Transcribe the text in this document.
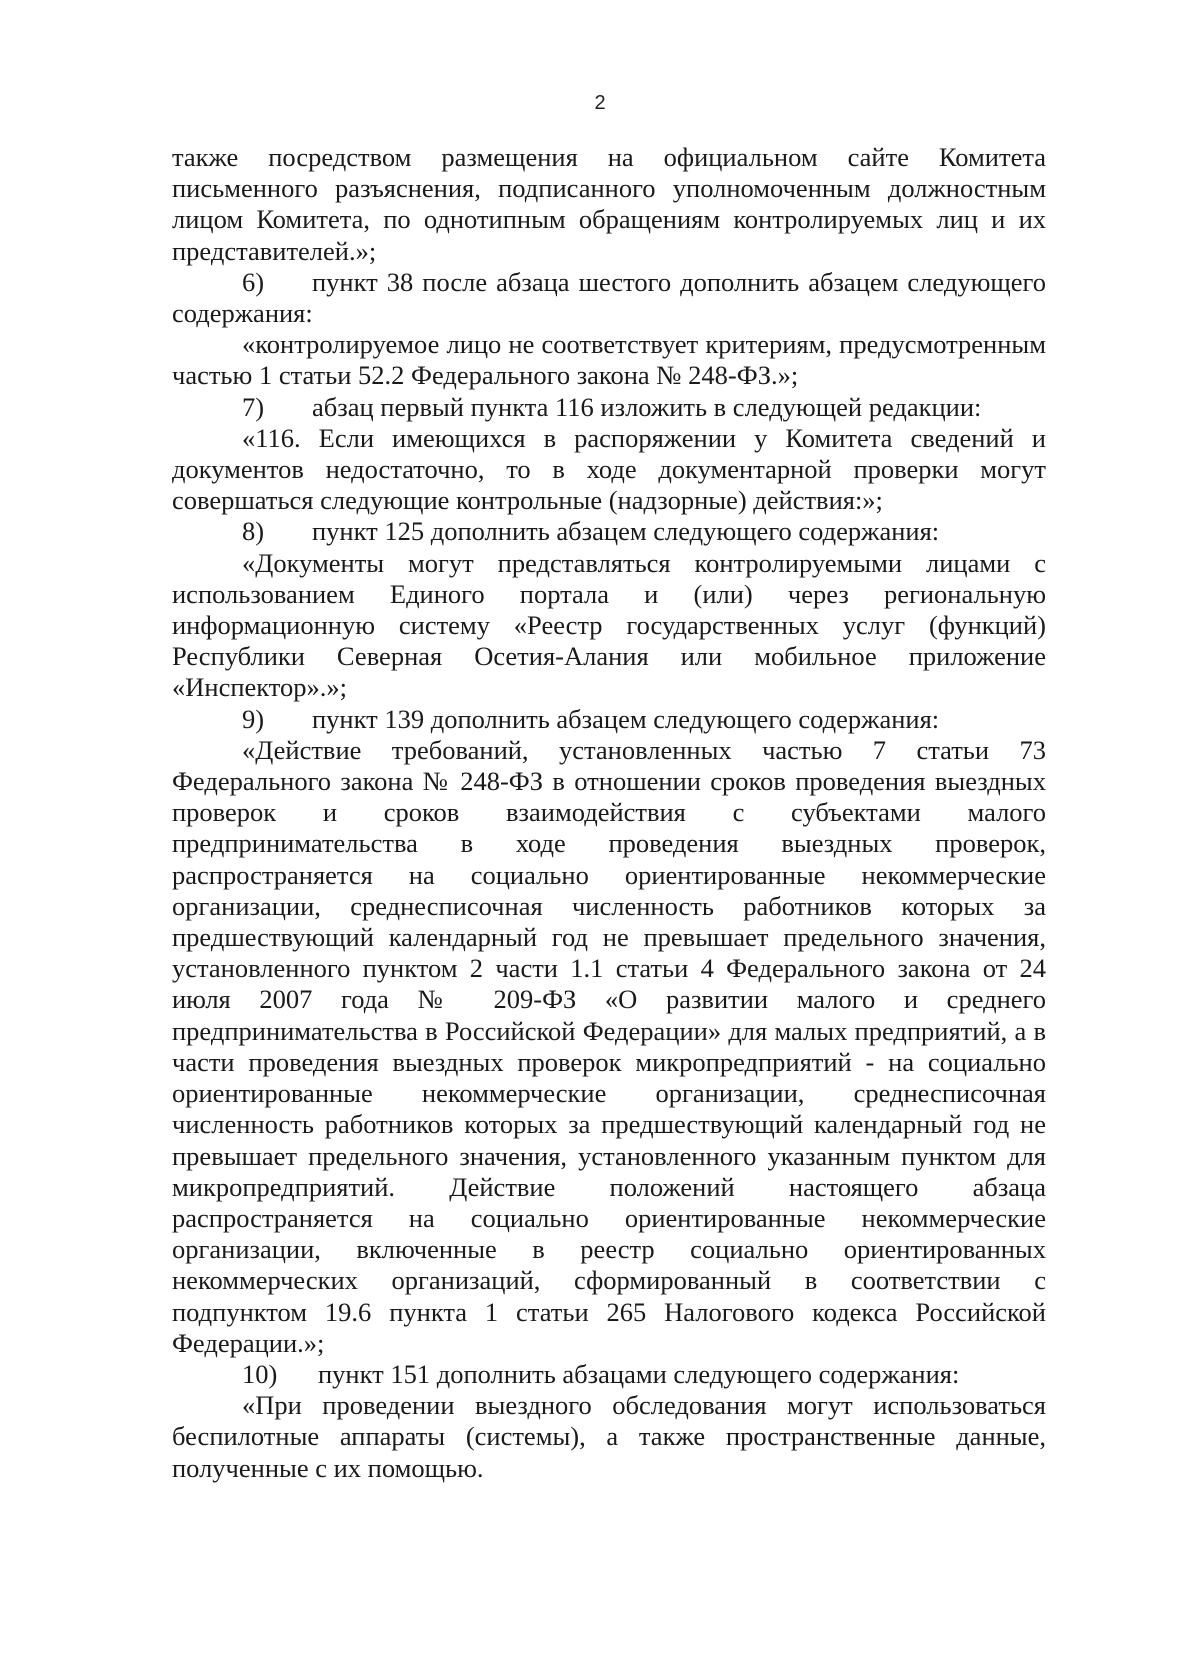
2

также посредством размещения на официальном сайте Комитета письменного разъяснения, подписанного уполномоченным должностным лицом Комитета, по однотипным обращениям контролируемых лиц и их представителей.»;

6) пункт 38 после абзаца шестого дополнить абзацем следующего содержания:

«контролируемое лицо не соответствует критериям, предусмотренным частью 1 статьи 52.2 Федерального закона № 248-ФЗ.»;

7) абзац первый пункта 116 изложить в следующей редакции:

«116. Если имеющихся в распоряжении у Комитета сведений и документов недостаточно, то в ходе документарной проверки могут совершаться следующие контрольные (надзорные) действия:»;

8) пункт 125 дополнить абзацем следующего содержания:

«Документы могут представляться контролируемыми лицами с использованием Единого портала и (или) через региональную информационную систему «Реестр государственных услуг (функций) Республики Северная Осетия-Алания или мобильное приложение «Инспектор».»;

9) пункт 139 дополнить абзацем следующего содержания:

«Действие требований, установленных частью 7 статьи 73 Федерального закона № 248-ФЗ в отношении сроков проведения выездных проверок и сроков взаимодействия с субъектами малого предпринимательства в ходе проведения выездных проверок, распространяется на социально ориентированные некоммерческие организации, среднесписочная численность работников которых за предшествующий календарный год не превышает предельного значения, установленного пунктом 2 части 1.1 статьи 4 Федерального закона от 24 июля 2007 года № 209-ФЗ «О развитии малого и среднего предпринимательства в Российской Федерации» для малых предприятий, а в части проведения выездных проверок микропредприятий - на социально ориентированные некоммерческие организации, среднесписочная численность работников которых за предшествующий календарный год не превышает предельного значения, установленного указанным пунктом для микропредприятий. Действие положений настоящего абзаца распространяется на социально ориентированные некоммерческие организации, включенные в реестр социально ориентированных некоммерческих организаций, сформированный в соответствии с подпунктом 19.6 пункта 1 статьи 265 Налогового кодекса Российской Федерации.»;

10) пункт 151 дополнить абзацами следующего содержания:

«При проведении выездного обследования могут использоваться беспилотные аппараты (системы), а также пространственные данные, полученные с их помощью.
